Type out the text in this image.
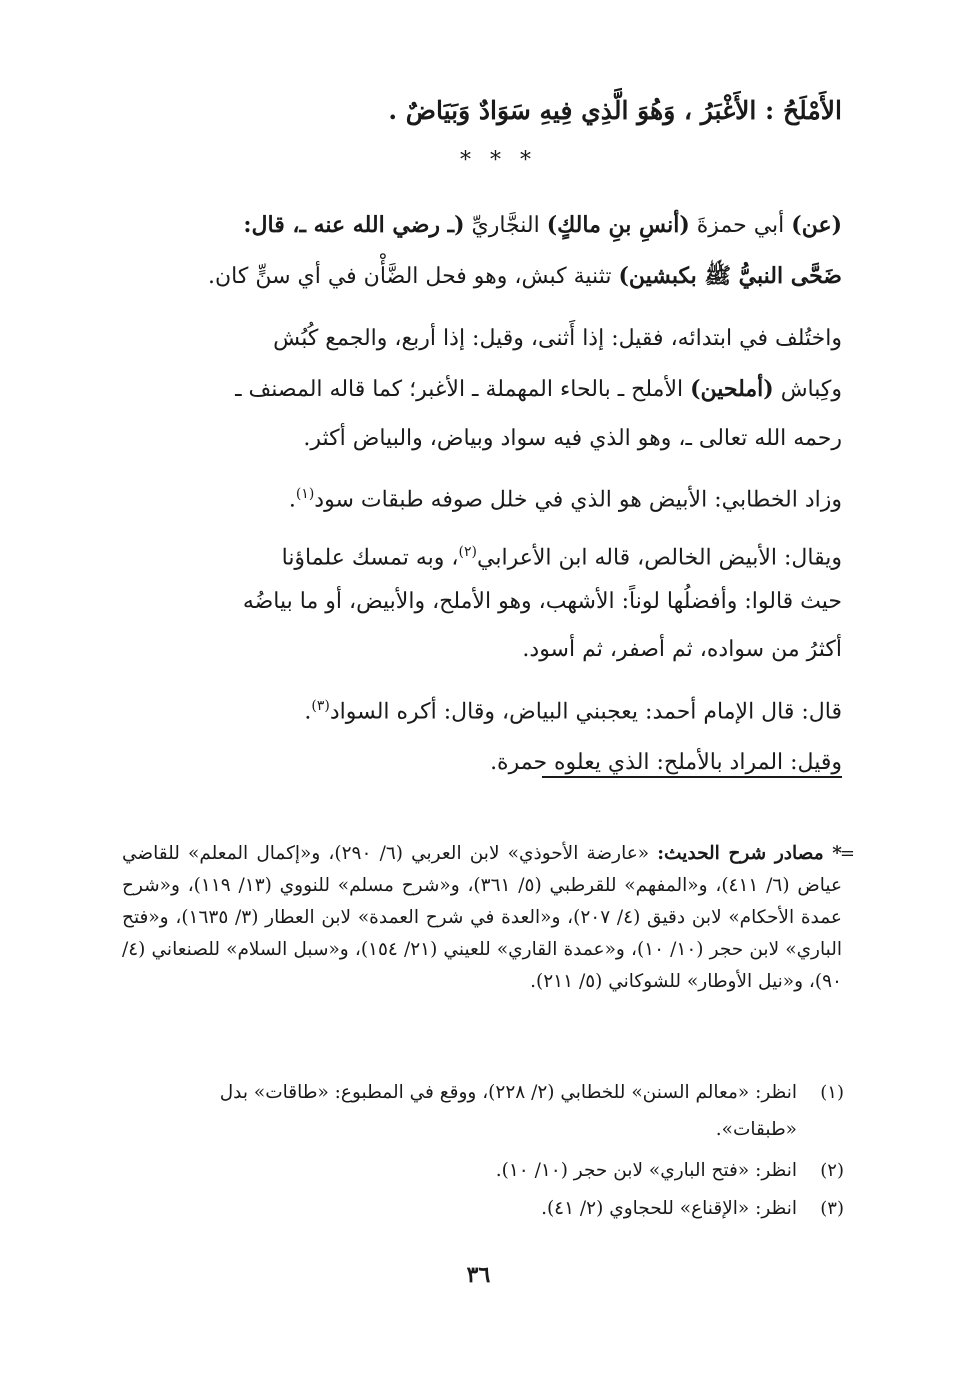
الأَمْلَحُ : الأَغْبَرُ ، وَهُوَ الَّذِي فِيهِ سَوَادٌ وَبَيَاضٌ .
* * *
(عن) أبي حمزةَ (أنسِ بنِ مالكٍ) النجَّاريِّ (ـ رضي الله عنه ـ، قال:
ضَحَّى النبيُّ ﷺ بكبشين) تثنية كبش، وهو فحل الضَّأْن في أي سنٍّ كان.
واختُلف في ابتدائه، فقيل: إذا أَثنى، وقيل: إذا أربع، والجمع كُبُش
وكِباش (أملحين) الأملح ـ بالحاء المهملة ـ الأغبر؛ كما قاله المصنف ـ
رحمه الله تعالى ـ، وهو الذي فيه سواد وبياض، والبياض أكثر.
وزاد الخطابي: الأبيض هو الذي في خلل صوفه طبقات سود$^{(١)}$.
ويقال: الأبيض الخالص، قاله ابن الأعرابي$^{(٢)}$، وبه تمسك علماؤنا
حيث قالوا: وأفضلُها لوناً: الأشهب، وهو الأملح، والأبيض، أو ما بياضُه
أكثرُ من سواده، ثم أصفر، ثم أسود.
قال: قال الإمام أحمد: يعجبني البياض، وقال: أكره السواد$^{(٣)}$.
وقيل: المراد بالأملح: الذي يعلوه حمرة.
=
* مصادر شرح الحديث: «عارضة الأحوذي» لابن العربي (٦/ ٢٩٠)، و«إكمال المعلم» للقاضي عياض (٦/ ٤١١)، و«المفهم» للقرطبي (٥/ ٣٦١)، و«شرح مسلم» للنووي (١٣/ ١١٩)، و«شرح عمدة الأحكام» لابن دقيق (٤/ ٢٠٧)، و«العدة في شرح العمدة» لابن العطار (٣/ ١٦٣٥)، و«فتح الباري» لابن حجر (١٠/ ١٠)، و«عمدة القاري» للعيني (٢١/ ١٥٤)، و«سبل السلام» للصنعاني (٤/ ٩٠)، و«نيل الأوطار» للشوكاني (٥/ ٢١١).
(١)
انظر: «معالم السنن» للخطابي (٢/ ٢٢٨)، ووقع في المطبوع: «طاقات» بدل
«طبقات».
(٢)
انظر: «فتح الباري» لابن حجر (١٠/ ١٠).
(٣)
انظر: «الإقناع» للحجاوي (٢/ ٤١).
٣٦
